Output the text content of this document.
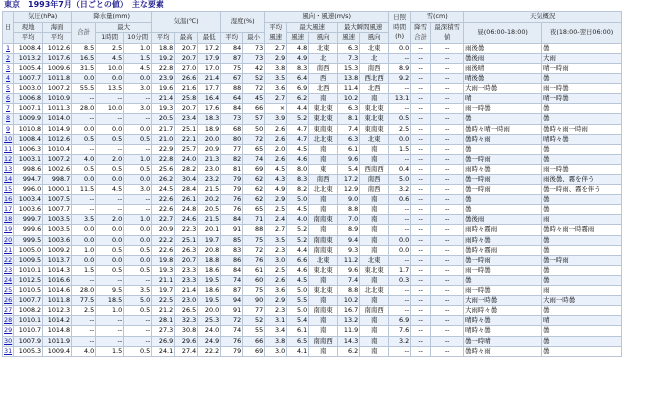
東京　1993年7月（日ごとの値）　主な要素
日	気圧(hPa)		降水量(mm)			気温(℃)			湿度(%)		風向・風速(m/s)					日照時間(h)	雪(cm)		天気概況	
	現地	海面	合計	最大							平均風速	最大風速		最大瞬間風速			降雪合計	最深積雪値	昼(06:00-18:00)	夜(18:00-翌日06:00)
	平均	平均		1時間	10分間	平均	最高	最低	平均	最小		風速	風向	風速	風向					
1	1008.4	1012.6	8.5	2.5	1.0	18.8	20.7	17.2	84	73	2.7	4.8	北東	6.3	北東	0.0	--	--	雨後曇	曇
2	1013.2	1017.6	16.5	4.5	1.5	19.2	20.7	17.9	87	73	2.9	4.9	北	7.3	北	--	--	--	曇後雨	大雨
3	1005.4	1009.6	31.5	10.0	4.5	22.8	27.0	17.0	75	42	3.8	8.3	南西	15.3	南西	8.9	--	--	雨後晴	晴一時雨
4	1007.7	1011.8	0.0	0.0	0.0	23.9	26.6	21.4	67	52	3.5	6.4	西	13.8	西北西	9.2	--	--	晴後曇	曇
5	1003.0	1007.2	55.5	13.5	3.0	19.6	21.6	17.7	88	72	3.6	6.9	北西	11.4	北西	--	--	--	大雨一時曇	雨一時曇
6	1006.8	1010.9	--	--	--	21.4	25.8	16.4	64	45	2.7	6.2	南	10.2	南	13.1	--	--	晴	晴一時曇
7	1007.1	1011.3	28.0	10.0	3.0	19.3	20.7	17.6	84	66	×	4.4	東北東	6.3	東北東	--	--	--	雨一時曇	曇
8	1009.9	1014.0	--	--	--	20.5	23.4	18.3	73	57	3.9	5.2	東北東	8.1	東北東	0.5	--	--	曇	曇
9	1010.8	1014.9	0.0	0.0	0.0	21.7	25.1	18.9	68	50	2.6	4.7	東南東	7.4	東南東	2.5	--	--	曇時々晴一時雨	曇時々雨一時雨
10	1008.4	1012.6	0.5	0.5	0.5	21.0	22.1	20.0	80	72	2.6	4.7	北北東	6.3	北東	0.0	--	--	曇時々雨	晴時々曇
11	1006.3	1010.4	--	--	--	22.9	25.7	20.9	77	65	2.0	4.5	南	6.1	南	1.5	--	--	曇	曇
12	1003.1	1007.2	4.0	2.0	1.0	22.8	24.0	21.3	82	74	2.6	4.6	南	9.6	南	--	--	--	曇一時雨	曇
13	998.6	1002.6	0.5	0.5	0.5	25.6	28.2	23.0	81	69	4.5	8.0	東	5.4	西南西	0.4	--	--	雨時々曇	雨一時曇
14	994.7	998.7	0.0	0.0	0.0	26.2	30.4	23.2	79	62	4.3	8.3	南西	17.2	南西	5.0	--	--	曇一時雨	雨後曇、霧を伴う
15	996.0	1000.1	11.5	4.5	3.0	24.5	28.4	21.5	79	62	4.9	8.2	北北東	12.9	南西	3.2	--	--	曇一時雨	曇一時雨、霧を伴う
16	1003.4	1007.5	--	--	--	22.6	26.1	20.2	76	62	2.9	5.0	南	9.0	南	0.6	--	--	曇	曇
17	1003.6	1007.7	--	--	--	22.6	24.8	20.5	76	65	2.5	4.5	南	8.8	南	--	--	--	曇	曇
18	999.7	1003.5	3.5	2.0	1.0	22.7	24.6	21.5	84	71	2.4	4.0	南南東	7.0	南	--	--	--	曇後雨	雨
19	999.6	1003.5	0.0	0.0	0.0	20.9	22.3	20.1	91	88	2.7	5.2	南	8.9	南	--	--	--	雨時々霧雨	曇時々雨一時霧雨
20	999.5	1003.6	0.0	0.0	0.0	22.2	25.1	19.7	85	75	3.5	5.2	南南東	9.4	南	0.0	--	--	雨時々曇	曇
21	1005.0	1009.2	1.0	0.5	0.5	22.6	26.3	20.8	83	72	2.3	4.4	南南東	9.3	南	0.0	--	--	曇時々霧雨	曇
22	1009.5	1013.7	0.0	0.0	0.0	19.8	20.7	18.8	86	76	3.0	6.6	北東	11.2	北東	--	--	--	曇一時雨	曇一時雨
23	1010.1	1014.3	1.5	0.5	0.5	19.3	23.3	18.6	84	61	2.5	4.6	東北東	9.6	東北東	1.7	--	--	雨一時曇	曇
24	1012.5	1016.6	--	--	--	21.1	23.3	19.5	74	60	2.6	4.5	南	7.4	南	0.3	--	--	曇	曇
25	1010.5	1014.6	28.0	9.5	3.5	19.7	21.4	18.6	87	75	3.6	5.0	東北東	8.8	北北東	--	--	--	雨一時曇	雨
26	1007.7	1011.8	77.5	18.5	5.0	22.5	23.0	19.5	94	90	2.9	5.5	南	10.2	南	--	--	--	大雨一時曇	大雨一時曇
27	1008.2	1012.3	2.5	1.0	0.5	21.2	26.5	20.0	91	77	2.3	5.0	南南東	16.7	南南西	--	--	--	大雨時々曇	曇
28	1010.1	1014.2	--	--	--	28.1	32.3	25.3	72	52	3.1	5.4	南	13.2	南	6.9	--	--	晴時々曇	晴
29	1010.7	1014.8	--	--	--	27.3	30.8	24.0	74	55	3.4	6.1	南	11.9	南	7.6	--	--	晴時々曇	曇
30	1007.9	1011.9	--	--	--	26.9	29.6	24.9	76	66	3.8	6.5	南南西	14.3	南	3.2	--	--	曇一時晴	曇
31	1005.3	1009.4	4.0	1.5	0.5	24.1	27.4	22.2	79	69	3.0	4.1	南	6.2	南	--	--	--	曇時々雨	曇
